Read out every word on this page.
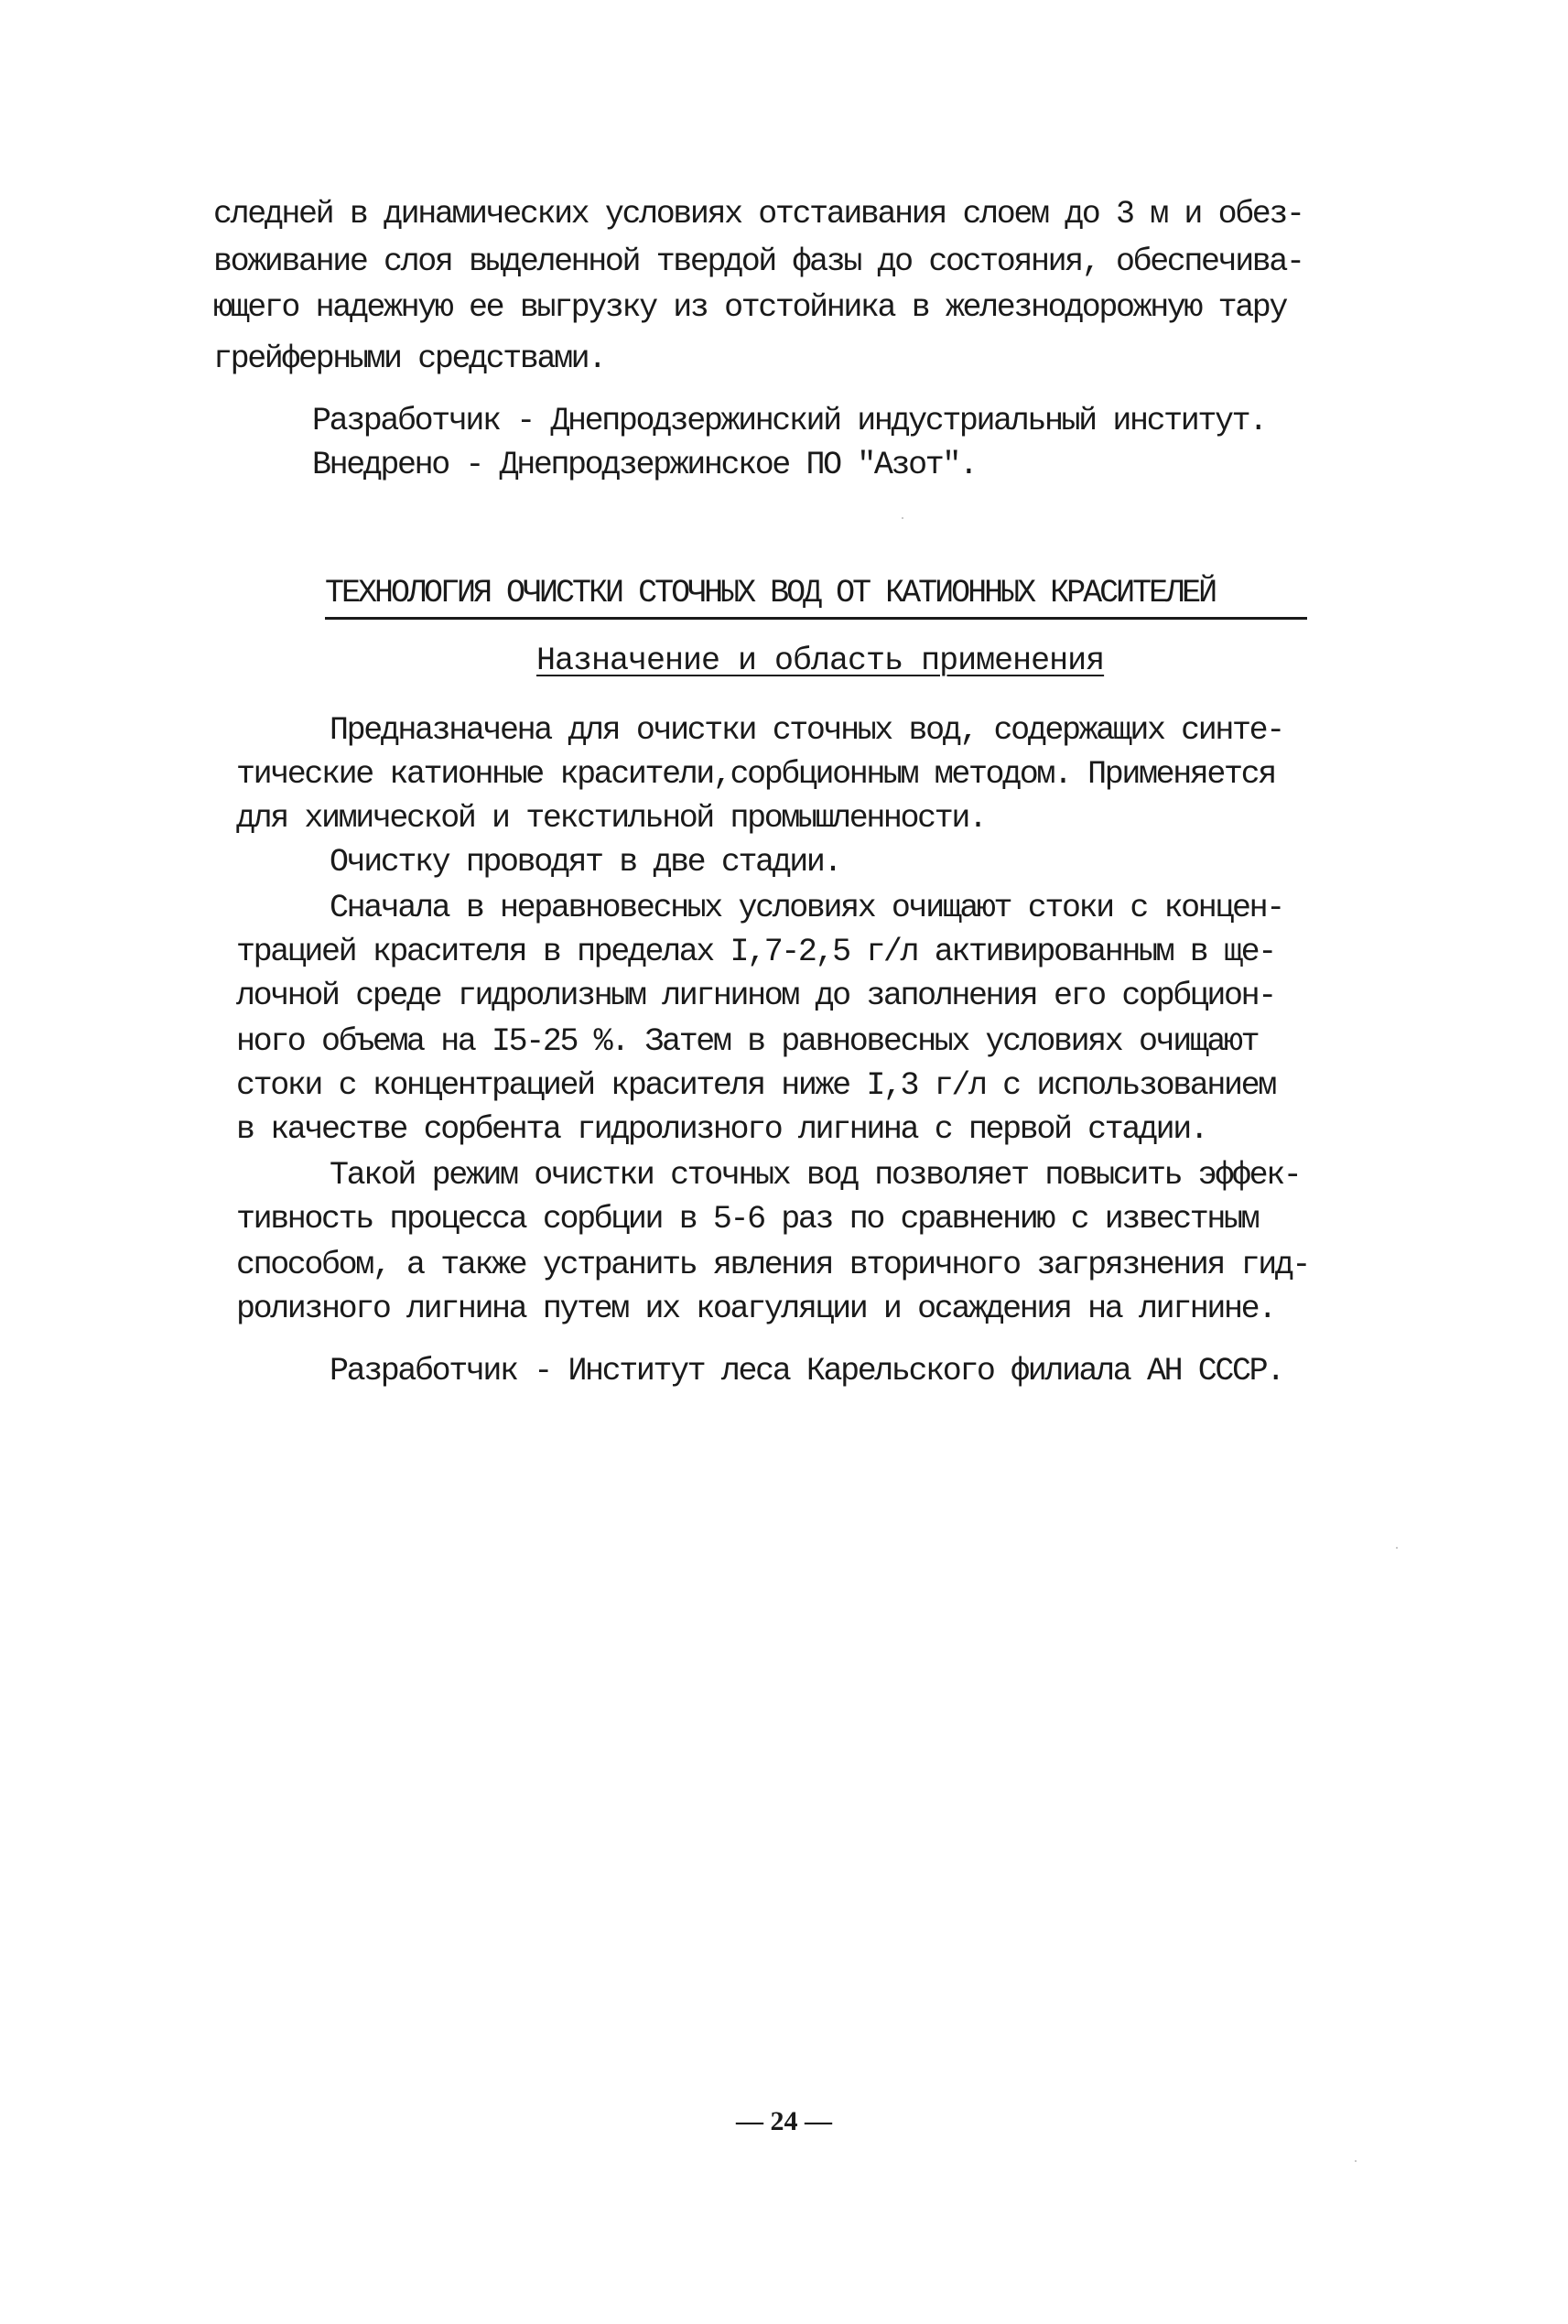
следней в динамических условиях отстаивания слоем до 3 м и обез-
воживание слоя выделенной твердой фазы до состояния, обеспечива-
ющего надежную ее выгрузку из отстойника в железнодорожную тару
грейферными средствами.
Разработчик - Днепродзержинский индустриальный институт.
Внедрено - Днепродзержинское ПО "Азот".
ТЕХНОЛОГИЯ ОЧИСТКИ СТОЧНЫХ ВОД ОТ КАТИОННЫХ КРАСИТЕЛЕЙ
Назначение и область применения
Предназначена для очистки сточных вод, содержащих синте-
тические катионные красители,сорбционным методом. Применяется
для химической и текстильной промышленности.
Очистку проводят в две стадии.
Сначала в неравновесных условиях очищают стоки с концен-
трацией красителя в пределах I,7-2,5 г/л активированным в ще-
лочной среде гидролизным лигнином до заполнения его сорбцион-
ного объема на I5-25 %. Затем в равновесных условиях очищают
стоки с концентрацией красителя ниже I,3 г/л с использованием
в качестве сорбента гидролизного лигнина с первой стадии.
Такой режим очистки сточных вод позволяет повысить эффек-
тивность процесса сорбции в 5-6 раз по сравнению с известным
способом, а также устранить явления вторичного загрязнения гид-
ролизного лигнина путем их коагуляции и осаждения на лигнине.
Разработчик - Институт леса Карельского филиала АН СССР.
— 24 —
